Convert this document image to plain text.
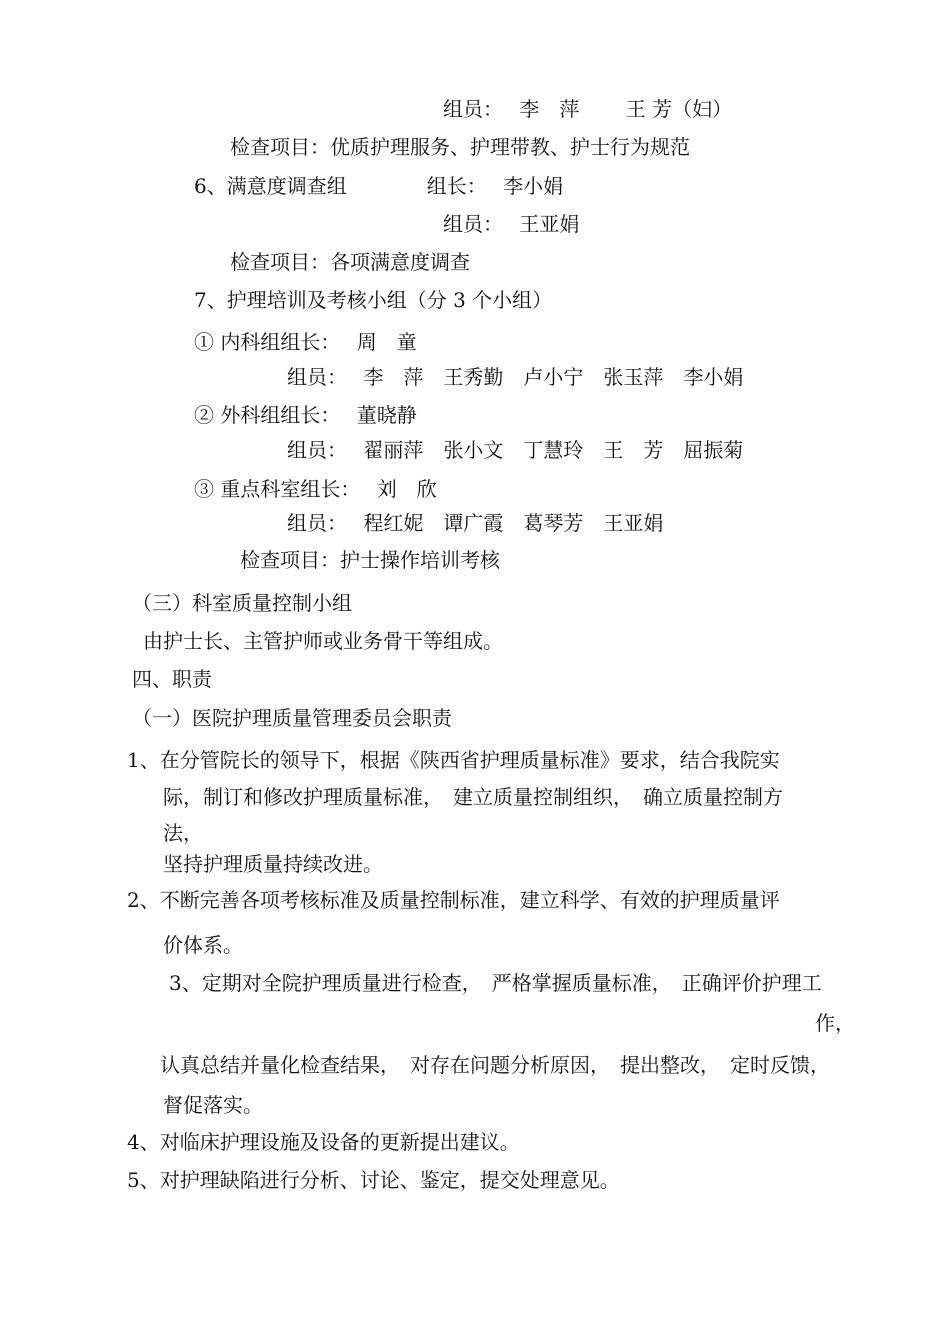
组员：　 李　萍　　 王 芳（妇）
检查项目：优质护理服务、护理带教、护士行为规范
6、满意度调查组　　　　组长：　 李小娟
组员：　 王亚娟
检查项目：各项满意度调查
7、护理培训及考核小组（分 3 个小组）
① 内科组组长：　 周　童
组员：　 李　萍　王秀勤　卢小宁　张玉萍　李小娟
② 外科组组长：　 董晓静
组员：　 翟丽萍　张小文　丁慧玲　王　芳　屈振菊
③ 重点科室组长：　 刘　欣
组员：　 程红妮　谭广霞　葛琴芳　王亚娟
检查项目：护士操作培训考核
（三）科室质量控制小组
由护士长、主管护师或业务骨干等组成。
四、职责
（一）医院护理质量管理委员会职责
1、在分管院长的领导下，根据《陕西省护理质量标准》要求，结合我院实
际，制订和修改护理质量标准，　建立质量控制组织，　确立质量控制方
法，
坚持护理质量持续改进。
2、不断完善各项考核标准及质量控制标准，建立科学、有效的护理质量评
价体系。
3、定期对全院护理质量进行检查，　严格掌握质量标准，　正确评价护理工
作，
认真总结并量化检查结果，　对存在问题分析原因，　提出整改，　定时反馈，
督促落实。
4、对临床护理设施及设备的更新提出建议。
5、对护理缺陷进行分析、讨论、鉴定，提交处理意见。
